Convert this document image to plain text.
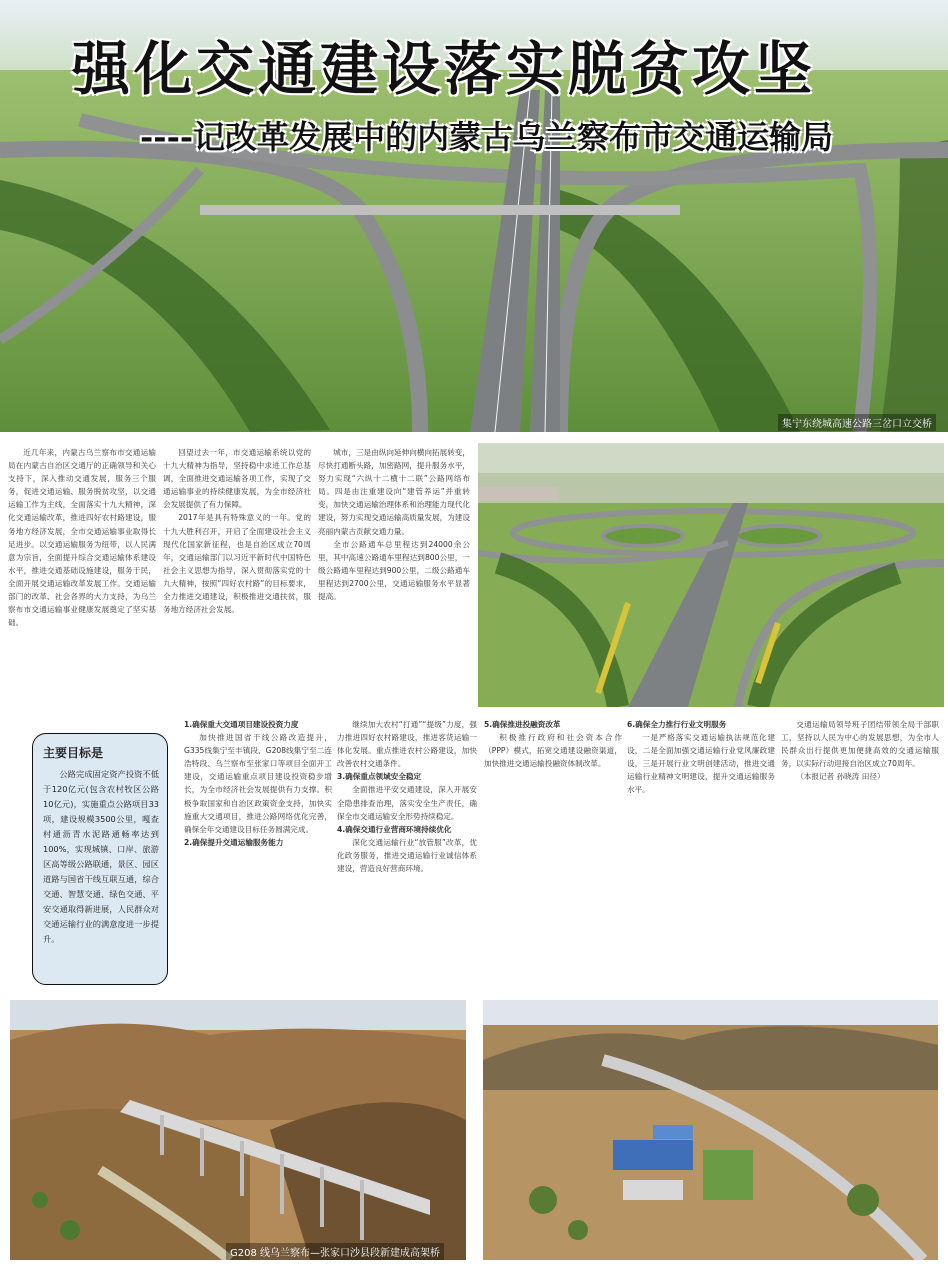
强化交通建设落实脱贫攻坚
----记改革发展中的内蒙古乌兰察布市交通运输局
集宁东绕城高速公路三岔口立交桥

近几年来，内蒙古乌兰察布市交通运输局在内蒙古自治区交通厅的正确领导和关心支持下，深入推动交通发展，服务三个服务，促进交通运输、服务脱贫攻坚，以交通运输工作为主线，全面落实十九大精神，深化交通运输改革，推进四好农村路建设，服务地方经济发展，全市交通运输事业取得长足进步。以交通运输服务为纽带，以人民满意为宗旨，全面提升综合交通运输体系建设水平，推进交通基础设施建设，服务于民，全面开展交通运输改革发展工作。交通运输部门的改革、社会各界的大力支持，为乌兰察布市交通运输事业健康发展奠定了坚实基础。

回望过去一年，市交通运输系统以党的十九大精神为指导，坚持稳中求进工作总基调，全面推进交通运输各项工作，实现了交通运输事业的持续健康发展，为全市经济社会发展提供了有力保障。

2017年是具有特殊意义的一年。党的十九大胜利召开，开启了全面建设社会主义现代化国家新征程，也是自治区成立70周年，交通运输部门以习近平新时代中国特色社会主义思想为指导，深入贯彻落实党的十九大精神，按照“四好农村路”的目标要求，全力推进交通建设，积极推进交通扶贫，服务地方经济社会发展。

城市，三是由纵向延伸向横向拓展转变，尽快打通断头路，加密路网，提升服务水平，努力实现“六纵十二横十二联”公路网络布局。四是由注重建设向“建管养运”并重转变，加快交通运输治理体系和治理能力现代化建设，努力实现交通运输高质量发展，为建设亮丽内蒙古贡献交通力量。

全市公路通车总里程达到24000余公里，其中高速公路通车里程达到800公里，一级公路通车里程达到900公里，二级公路通车里程达到2700公里，交通运输服务水平显著提高。

主要目标是
公路完成固定资产投资不低于120亿元(包含农村牧区公路10亿元)，实施重点公路项目33项，建设规模3500公里，嘎查村通沥青水泥路通畅率达到100%，实现城镇、口岸、旅游区高等级公路联通，景区、园区道路与国省干线互联互通，综合交通、智慧交通、绿色交通、平安交通取得新进展，人民群众对交通运输行业的满意度进一步提升。

1.确保重大交通项目建设投资力度

加快推进国省干线公路改造提升，G335线集宁至丰镇段、G208线集宁至二连浩特段、乌兰察布至张家口等项目全面开工建设，交通运输重点项目建设投资稳步增长，为全市经济社会发展提供有力支撑。积极争取国家和自治区政策资金支持，加快实施重大交通项目，推进公路网络优化完善，确保全年交通建设目标任务圆满完成。

2.确保提升交通运输服务能力

继续加大农村“打通”“提级”力度，强力推进四好农村路建设，推进客货运输一体化发展。重点推进农村公路建设，加快改善农村交通条件。

3.确保重点领域安全稳定

全面推进平安交通建设，深入开展安全隐患排查治理，落实安全生产责任，确保全市交通运输安全形势持续稳定。

4.确保交通行业营商环境持续优化

深化交通运输行业“放管服”改革，优化政务服务，推进交通运输行业诚信体系建设，营造良好营商环境。

5.确保推进投融资改革

积极推行政府和社会资本合作（PPP）模式，拓宽交通建设融资渠道，加快推进交通运输投融资体制改革。

6.确保全力推行行业文明服务

一是严格落实交通运输执法规范化建设，二是全面加强交通运输行业党风廉政建设，三是开展行业文明创建活动，推进交通运输行业精神文明建设，提升交通运输服务水平。

交通运输局领导班子团结带领全局干部职工，坚持以人民为中心的发展思想，为全市人民群众出行提供更加便捷高效的交通运输服务，以实际行动迎接自治区成立70周年。

（本报记者 孙晓涛 田径）

G208 线乌兰察布—张家口沙县段新建成高架桥
